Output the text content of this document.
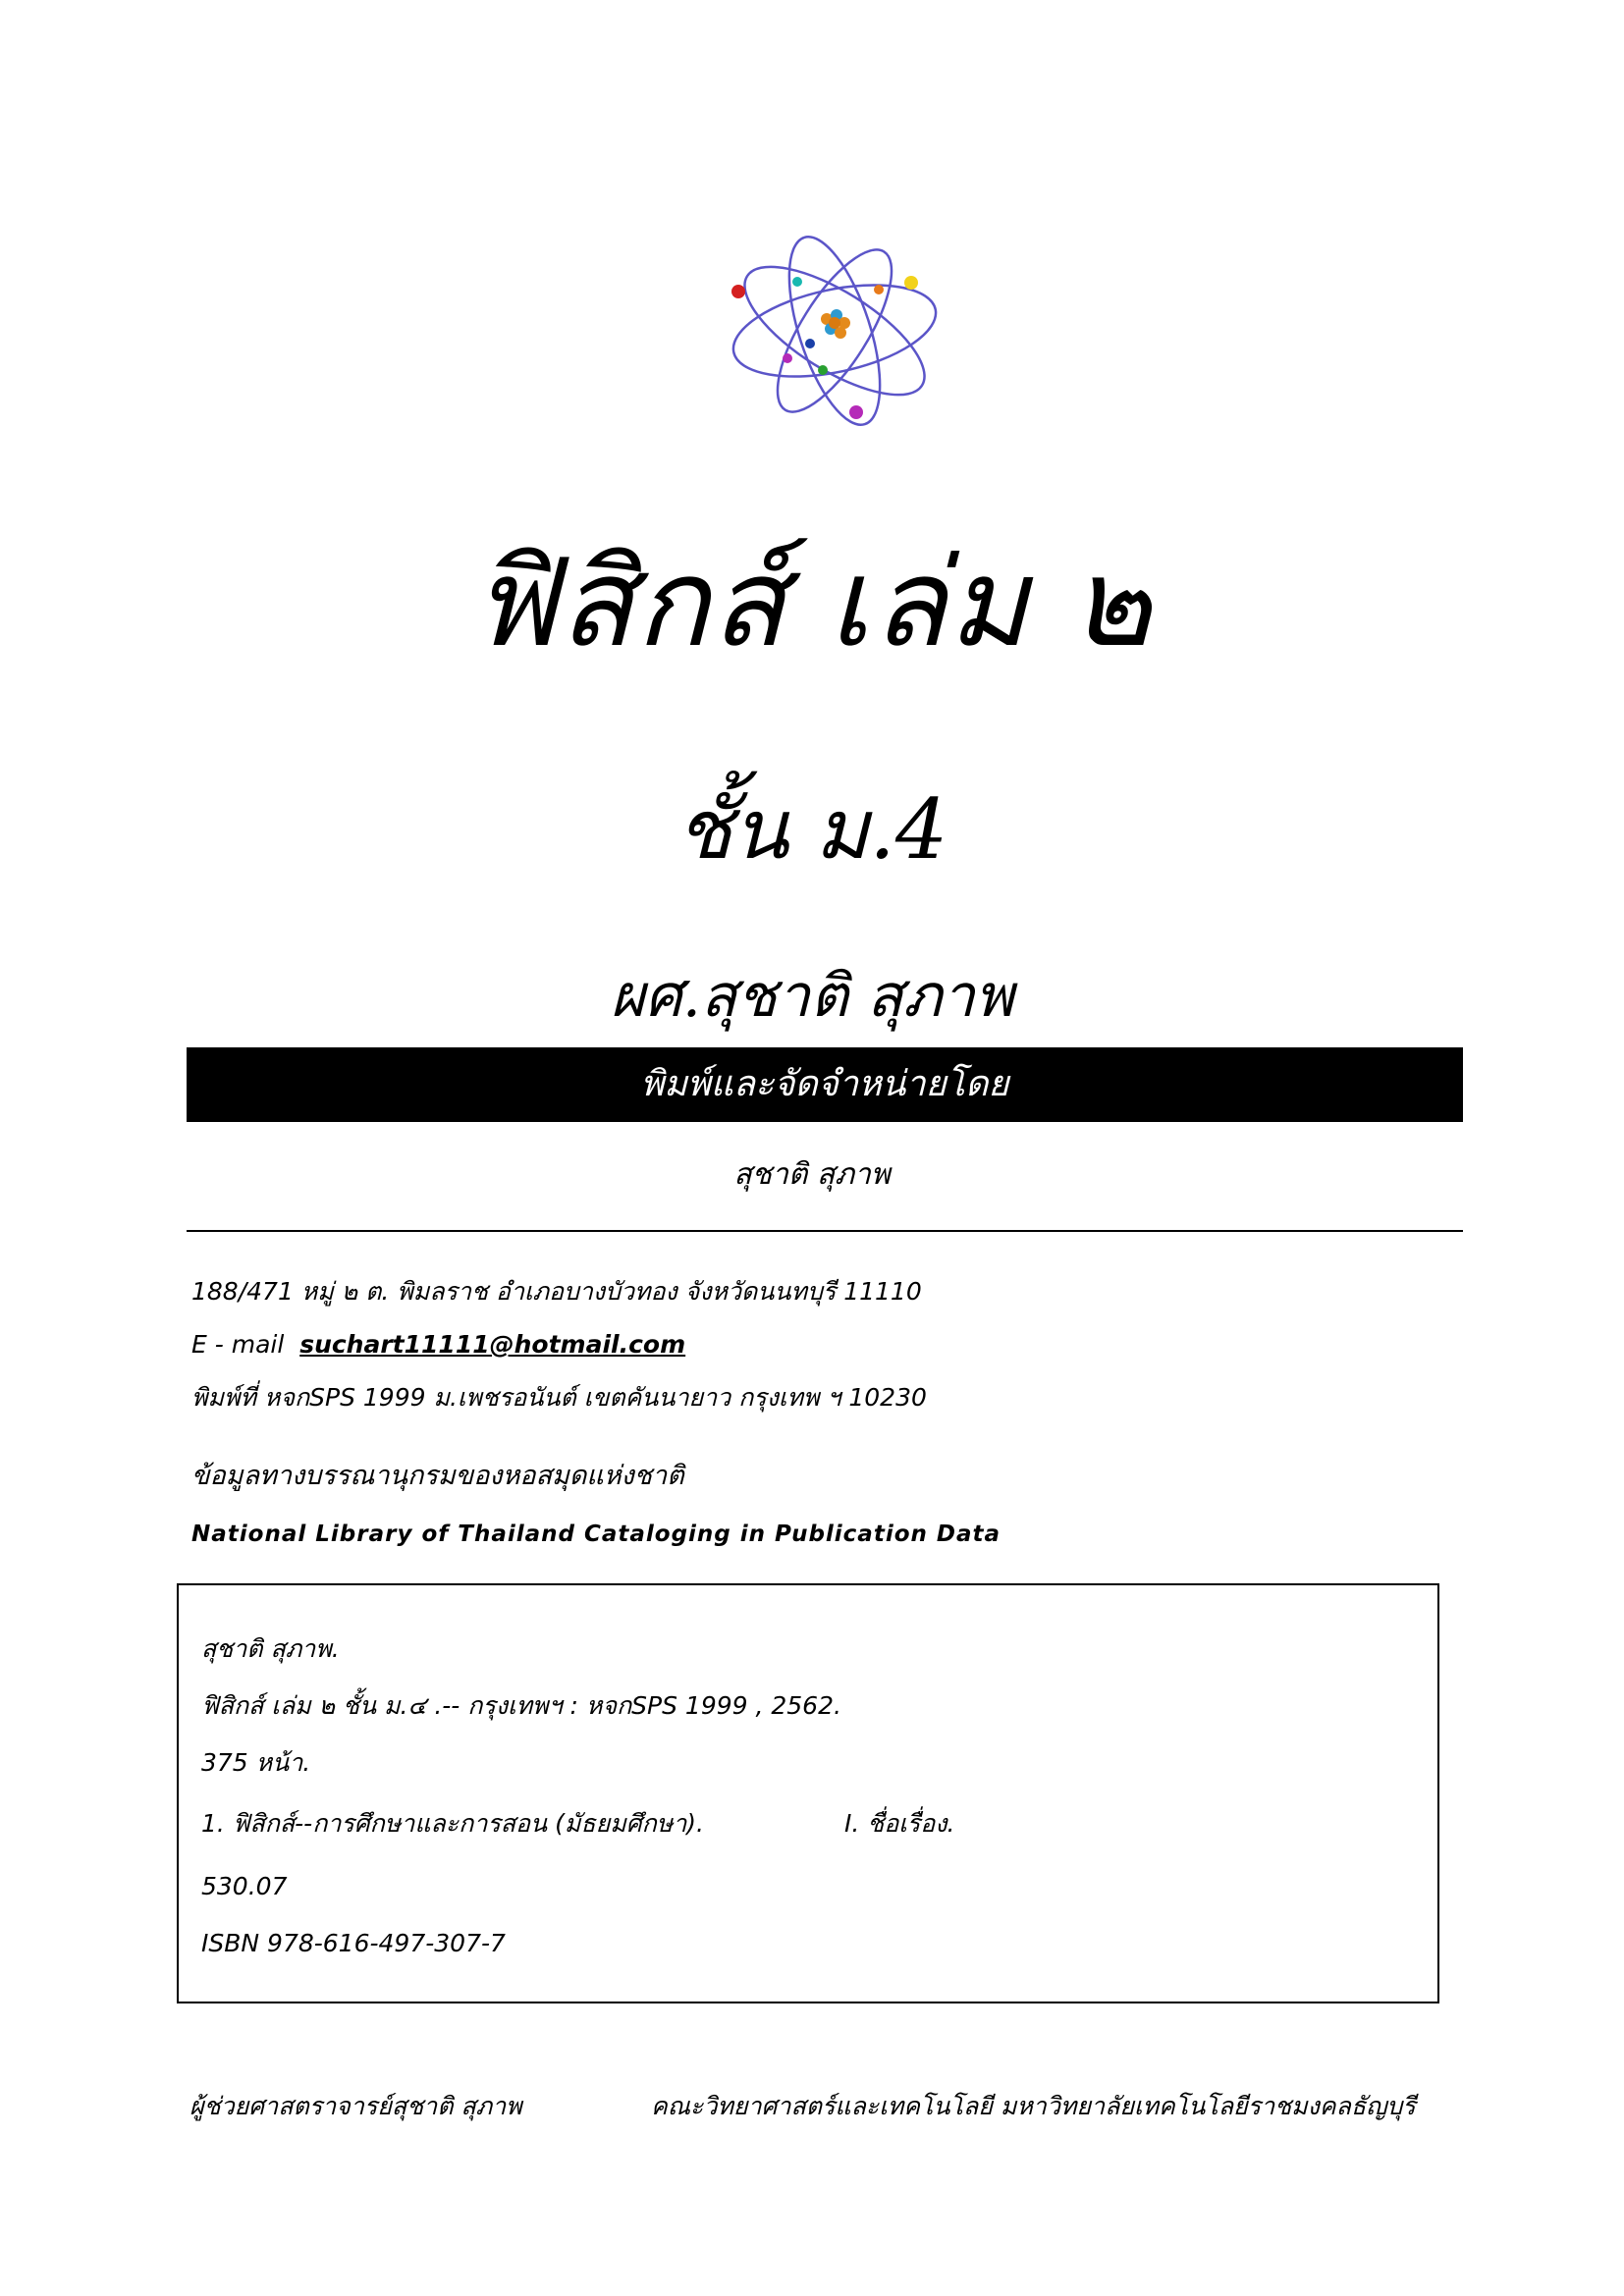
ฟิสิกส์ เล่ม ๒
ชั้น ม.4
ผศ.สุชาติ สุภาพ
พิมพ์และจัดจำหน่ายโดย
สุชาติ สุภาพ
188/471 หมู่ ๒ ต. พิมลราช อำเภอบางบัวทอง จังหวัดนนทบุรี 11110
E - mail suchart11111@hotmail.com
พิมพ์ที่ หจกSPS 1999 ม.เพชรอนันต์ เขตคันนายาว กรุงเทพ ฯ 10230
ข้อมูลทางบรรณานุกรมของหอสมุดแห่งชาติ
National Library of Thailand Cataloging in Publication Data
สุชาติ สุภาพ.
ฟิสิกส์ เล่ม ๒ ชั้น ม.๔ .-- กรุงเทพฯ : หจกSPS 1999 , 2562.
375 หน้า.
1. ฟิสิกส์--การศึกษาและการสอน (มัธยมศึกษา).	I. ชื่อเรื่อง.
530.07
ISBN 978-616-497-307-7
ผู้ช่วยศาสตราจารย์สุชาติ สุภาพ	คณะวิทยาศาสตร์และเทคโนโลยี มหาวิทยาลัยเทคโนโลยีราชมงคลธัญบุรี
